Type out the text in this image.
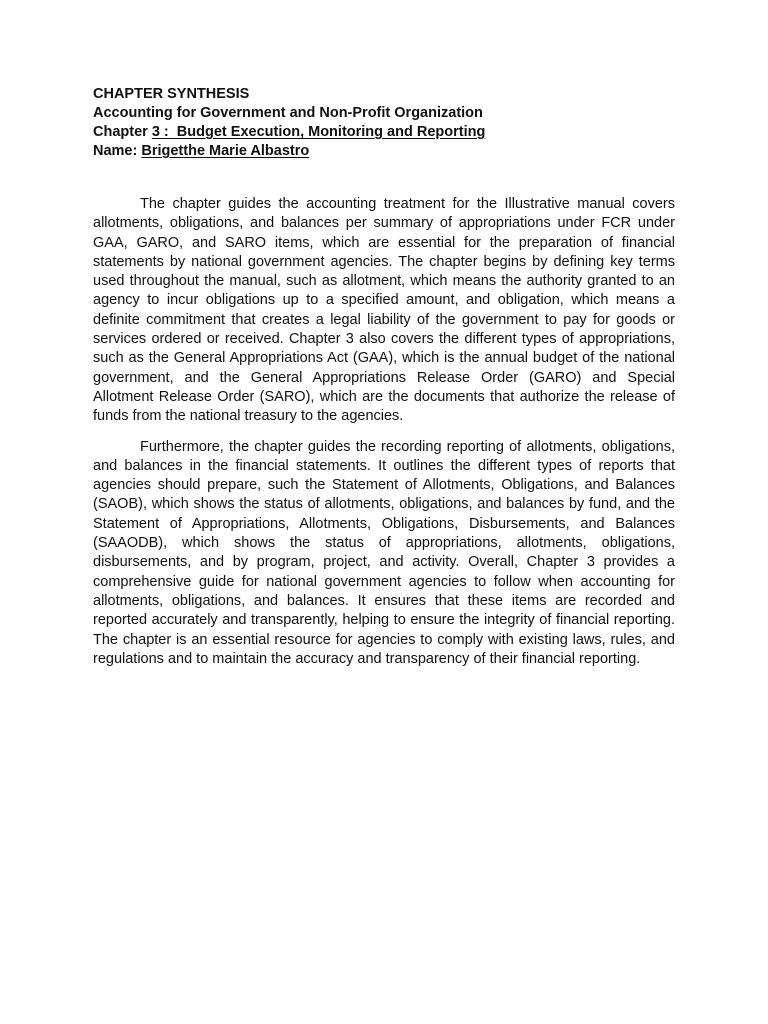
CHAPTER SYNTHESIS
Accounting for Government and Non-Profit Organization
Chapter 3 :  Budget Execution, Monitoring and Reporting
Name: Brigetthe Marie Albastro

The chapter guides the accounting treatment for the Illustrative manual covers allotments, obligations, and balances per summary of appropriations under FCR under GAA, GARO, and SARO items, which are essential for the preparation of financial statements by national government agencies. The chapter begins by defining key terms used throughout the manual, such as allotment, which means the authority granted to an agency to incur obligations up to a specified amount, and obligation, which means a definite commitment that creates a legal liability of the government to pay for goods or services ordered or received. Chapter 3 also covers the different types of appropriations, such as the General Appropriations Act (GAA), which is the annual budget of the national government, and the General Appropriations Release Order (GARO) and Special Allotment Release Order (SARO), which are the documents that authorize the release of funds from the national treasury to the agencies.

Furthermore, the chapter guides the recording reporting of allotments, obligations, and balances in the financial statements. It outlines the different types of reports that agencies should prepare, such the Statement of Allotments, Obligations, and Balances (SAOB), which shows the status of allotments, obligations, and balances by fund, and the Statement of Appropriations, Allotments, Obligations, Disbursements, and Balances (SAAODB), which shows the status of appropriations, allotments, obligations, disbursements, and by program, project, and activity. Overall, Chapter 3 provides a comprehensive guide for national government agencies to follow when accounting for allotments, obligations, and balances. It ensures that these items are recorded and reported accurately and transparently, helping to ensure the integrity of financial reporting. The chapter is an essential resource for agencies to comply with existing laws, rules, and regulations and to maintain the accuracy and transparency of their financial reporting.
